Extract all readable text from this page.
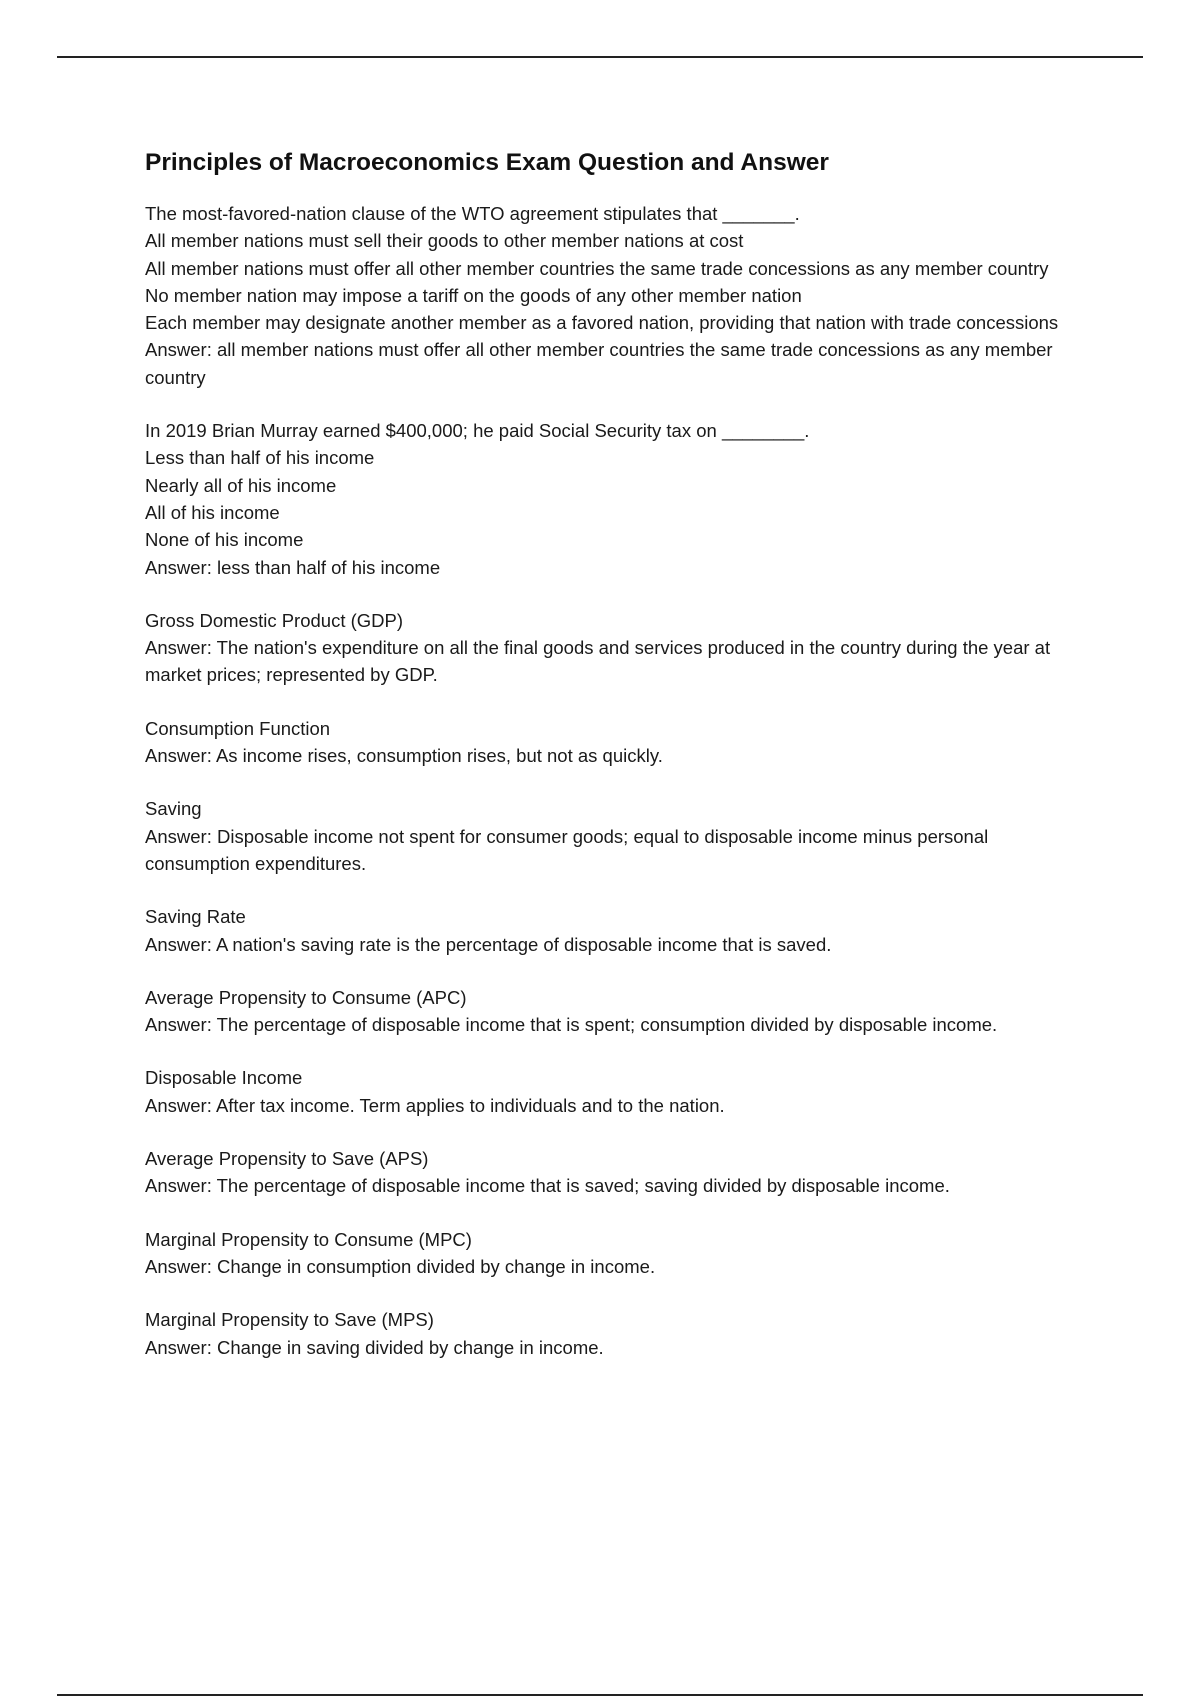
Principles of Macroeconomics Exam Question and Answer

The most-favored-nation clause of the WTO agreement stipulates that _______.

All member nations must sell their goods to other member nations at cost

All member nations must offer all other member countries the same trade concessions as any member country

No member nation may impose a tariff on the goods of any other member nation

Each member may designate another member as a favored nation, providing that nation with trade concessions

Answer: all member nations must offer all other member countries the same trade concessions as any member country

In 2019 Brian Murray earned $400,000; he paid Social Security tax on ________.

Less than half of his income

Nearly all of his income

All of his income

None of his income

Answer: less than half of his income

Gross Domestic Product (GDP)

Answer: The nation's expenditure on all the final goods and services produced in the country during the year at market prices; represented by GDP.

Consumption Function

Answer: As income rises, consumption rises, but not as quickly.

Saving

Answer: Disposable income not spent for consumer goods; equal to disposable income minus personal consumption expenditures.

Saving Rate

Answer: A nation's saving rate is the percentage of disposable income that is saved.

Average Propensity to Consume (APC)

Answer: The percentage of disposable income that is spent; consumption divided by disposable income.

Disposable Income

Answer: After tax income. Term applies to individuals and to the nation.

Average Propensity to Save (APS)

Answer: The percentage of disposable income that is saved; saving divided by disposable income.

Marginal Propensity to Consume (MPC)

Answer: Change in consumption divided by change in income.

Marginal Propensity to Save (MPS)

Answer: Change in saving divided by change in income.
